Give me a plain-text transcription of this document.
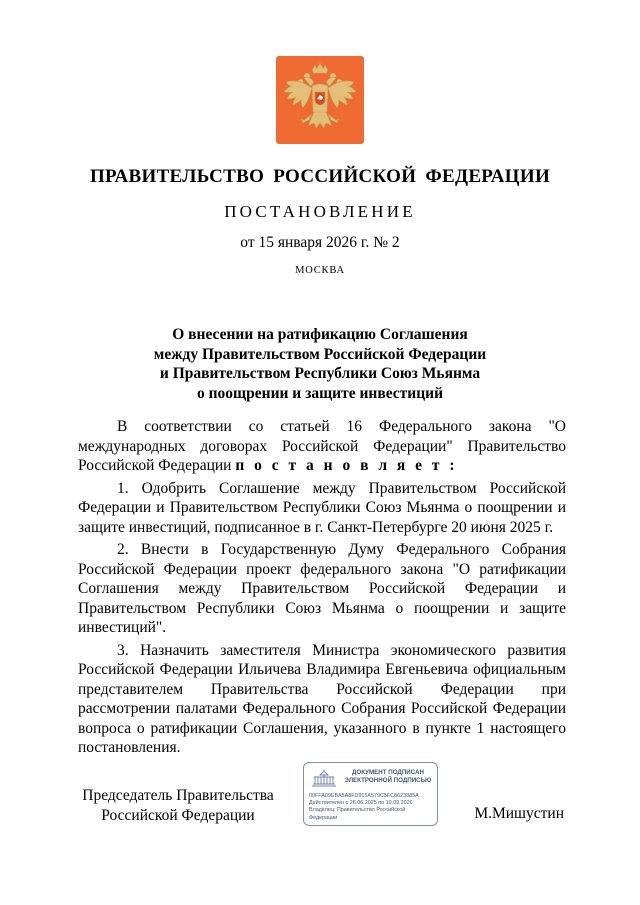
ПРАВИТЕЛЬСТВО РОССИЙСКОЙ ФЕДЕРАЦИИ
ПОСТАНОВЛЕНИЕ
от 15 января 2026 г. № 2
МОСКВА
О внесении на ратификацию Соглашения
между Правительством Российской Федерации
и Правительством Республики Союз Мьянма
о поощрении и защите инвестиций

В соответствии со статьей 16 Федерального закона "О международных договорах Российской Федерации" Правительство Российской Федерации п о с т а н о в л я е т :

1. Одобрить Соглашение между Правительством Российской Федерации и Правительством Республики Союз Мьянма о поощрении и защите инвестиций, подписанное в г. Санкт-Петербурге 20 июня 2025 г.

2. Внести в Государственную Думу Федерального Собрания Российской Федерации проект федерального закона "О ратификации Соглашения между Правительством Российской Федерации и Правительством Республики Союз Мьянма о поощрении и защите инвестиций".

3. Назначить заместителя Министра экономического развития Российской Федерации Ильичева Владимира Евгеньевича официальным представителем Правительства Российской Федерации при рассмотрении палатами Федерального Собрания Российской Федерации вопроса о ратификации Соглашения, указанного в пункте 1 настоящего постановления.

Председатель Правительства
Российской Федерации
ДОКУМЕНТ ПОДПИСАН
ЭЛЕКТРОННОЙ ПОДПИСЬЮ
00FFA09EBA5A8FD915A579C5FC8623885A
Действителен с 26.06.2025 по 19.09.2026
Владелец: Правительство Российской
Федерации	М.Мишустин
